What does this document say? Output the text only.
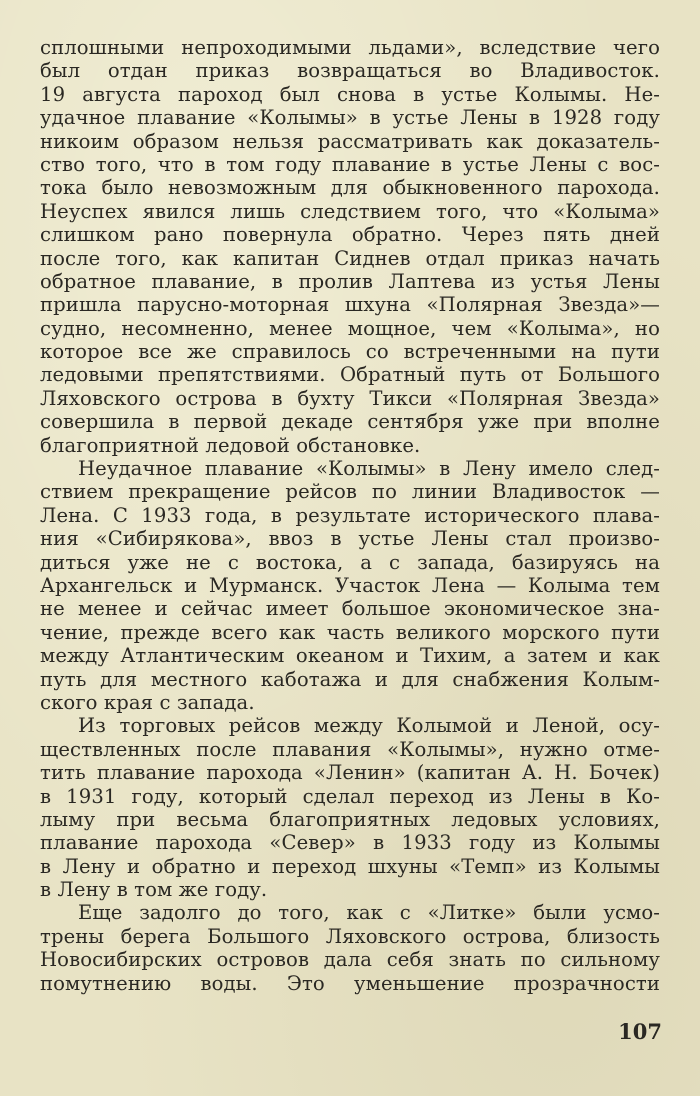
сплошными непроходимыми льдами», вследствие чего
был отдан приказ возвращаться во Владивосток.
19 августа пароход был снова в устье Колымы. Не-
удачное плавание «Колымы» в устье Лены в 1928 году
никоим образом нельзя рассматривать как доказатель-
ство того, что в том году плавание в устье Лены с вос-
тока было невозможным для обыкновенного парохода.
Неуспех явился лишь следствием того, что «Колыма»
слишком рано повернула обратно. Через пять дней
после того, как капитан Сиднев отдал приказ начать
обратное плавание, в пролив Лаптева из устья Лены
пришла парусно-моторная шхуна «Полярная Звезда»—
судно, несомненно, менее мощное, чем «Колыма», но
которое все же справилось со встреченными на пути
ледовыми препятствиями. Обратный путь от Большого
Ляховского острова в бухту Тикси «Полярная Звезда»
совершила в первой декаде сентября уже при вполне
благоприятной ледовой обстановке.
Неудачное плавание «Колымы» в Лену имело след-
ствием прекращение рейсов по линии Владивосток —
Лена. С 1933 года, в результате исторического плава-
ния «Сибирякова», ввоз в устье Лены стал произво-
диться уже не с востока, а с запада, базируясь на
Архангельск и Мурманск. Участок Лена — Колыма тем
не менее и сейчас имеет большое экономическое зна-
чение, прежде всего как часть великого морского пути
между Атлантическим океаном и Тихим, а затем и как
путь для местного каботажа и для снабжения Колым-
ского края с запада.
Из торговых рейсов между Колымой и Леной, осу-
ществленных после плавания «Колымы», нужно отме-
тить плавание парохода «Ленин» (капитан А. Н. Бочек)
в 1931 году, который сделал переход из Лены в Ко-
лыму при весьма благоприятных ледовых условиях,
плавание парохода «Север» в 1933 году из Колымы
в Лену и обратно и переход шхуны «Темп» из Колымы
в Лену в том же году.
Еще задолго до того, как с «Литке» были усмо-
трены берега Большого Ляховского острова, близость
Новосибирских островов дала себя знать по сильному
помутнению воды. Это уменьшение прозрачности
107
